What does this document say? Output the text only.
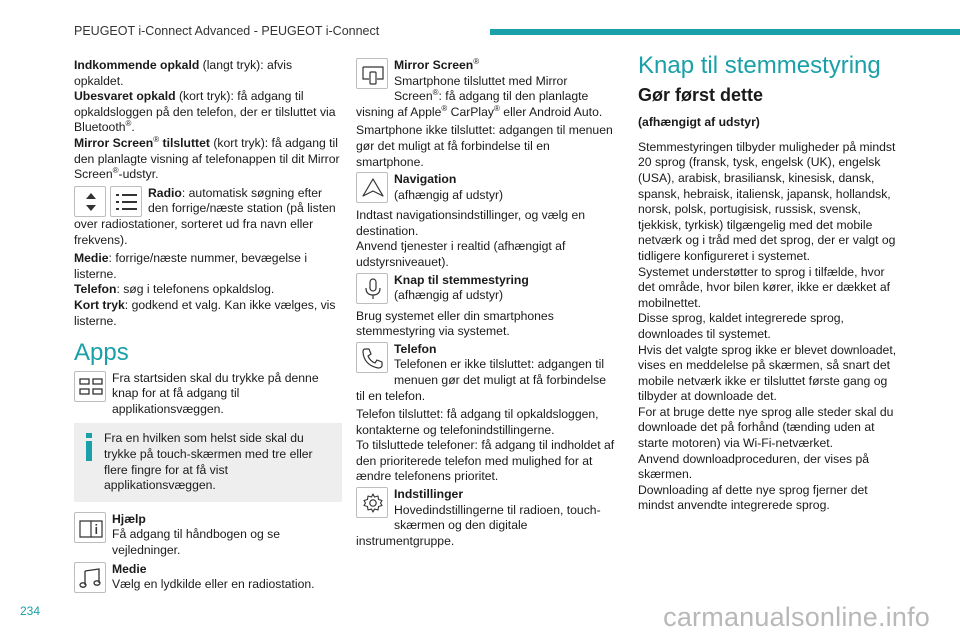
PEUGEOT i-Connect Advanced - PEUGEOT i-Connect
Indkommende opkald (langt tryk): afvis opkaldet.
Ubesvaret opkald (kort tryk): få adgang til opkaldsloggen på den telefon, der er tilsluttet via Bluetooth®.
Mirror Screen® tilsluttet (kort tryk): få adgang til den planlagte visning af telefonappen til dit Mirror Screen®-udstyr.
Radio: automatisk søgning efter den forrige/næste station (på listen over radiostationer, sorteret ud fra navn eller frekvens).
Medie: forrige/næste nummer, bevægelse i listerne.
Telefon: søg i telefonens opkaldslog.
Kort tryk: godkend et valg. Kan ikke vælges, vis listerne.
Apps
Fra startsiden skal du trykke på denne knap for at få adgang til applikationsvæggen.
Fra en hvilken som helst side skal du trykke på touch-skærmen med tre eller flere fingre for at få vist applikationsvæggen.
Hjælp
Få adgang til håndbogen og se vejledninger.
Medie
Vælg en lydkilde eller en radiostation.
Mirror Screen®
Smartphone tilsluttet med Mirror Screen®: få adgang til den planlagte visning af Apple® CarPlay® eller Android Auto.
Smartphone ikke tilsluttet: adgangen til menuen gør det muligt at få forbindelse til en smartphone.
Navigation
(afhængig af udstyr)
Indtast navigationsindstillinger, og vælg en destination.
Anvend tjenester i realtid (afhængigt af udstyrsniveauet).
Knap til stemmestyring
(afhængig af udstyr)
Brug systemet eller din smartphones stemmestyring via systemet.
Telefon
Telefonen er ikke tilsluttet: adgangen til menuen gør det muligt at få forbindelse til en telefon.
Telefon tilsluttet: få adgang til opkaldsloggen, kontakterne og telefonindstillingerne.
To tilsluttede telefoner: få adgang til indholdet af den prioriterede telefon med mulighed for at ændre telefonens prioritet.
Indstillinger
Hovedindstillingerne til radioen, touch-skærmen og den digitale instrumentgruppe.
Knap til stemmestyring
Gør først dette
(afhængigt af udstyr)
Stemmestyringen tilbyder muligheder på mindst 20 sprog (fransk, tysk, engelsk (UK), engelsk (USA), arabisk, brasiliansk, kinesisk, dansk, spansk, hebraisk, italiensk, japansk, hollandsk, norsk, polsk, portugisisk, russisk, svensk, tjekkisk, tyrkisk) tilgængelig med det mobile netværk og i tråd med det sprog, der er valgt og tidligere konfigureret i systemet.
Systemet understøtter to sprog i tilfælde, hvor det område, hvor bilen kører, ikke er dækket af mobilnettet.
Disse sprog, kaldet integrerede sprog, downloades til systemet.
Hvis det valgte sprog ikke er blevet downloadet, vises en meddelelse på skærmen, så snart det mobile netværk ikke er tilsluttet første gang og tilbyder at downloade det.
For at bruge dette nye sprog alle steder skal du downloade det på forhånd (tænding uden at starte motoren) via Wi-Fi-netværket.
Anvend downloadproceduren, der vises på skærmen.
Downloading af dette nye sprog fjerner det mindst anvendte integrerede sprog.
234	carmanualsonline.info
